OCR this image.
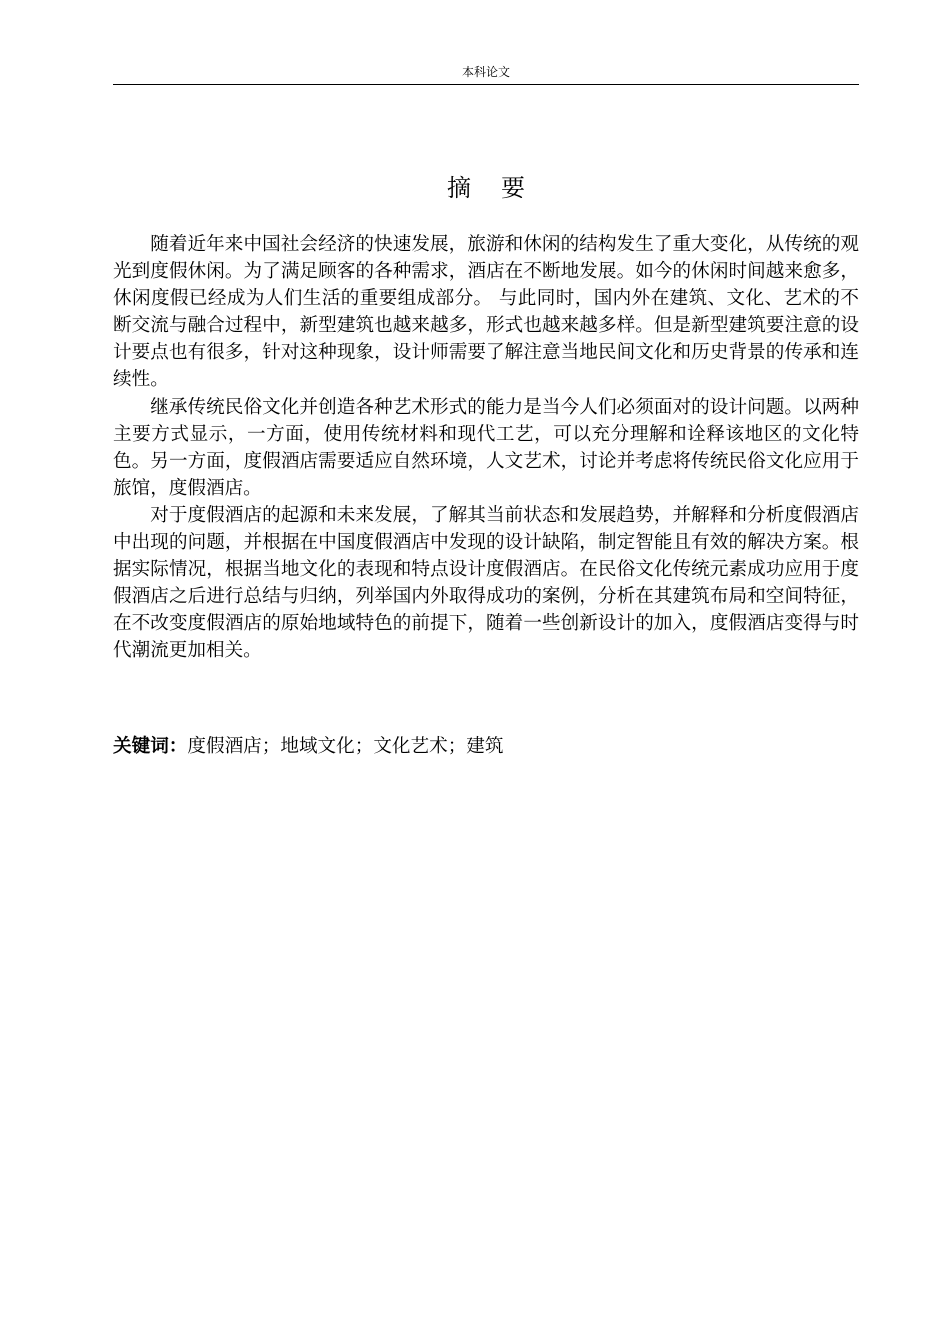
本科论文
摘要

随着近年来中国社会经济的快速发展，旅游和休闲的结构发生了重大变化，从传统的观光到度假休闲。为了满足顾客的各种需求，酒店在不断地发展。如今的休闲时间越来愈多，休闲度假已经成为人们生活的重要组成部分。 与此同时，国内外在建筑、文化、艺术的不断交流与融合过程中，新型建筑也越来越多，形式也越来越多样。但是新型建筑要注意的设计要点也有很多，针对这种现象，设计师需要了解注意当地民间文化和历史背景的传承和连续性。

继承传统民俗文化并创造各种艺术形式的能力是当今人们必须面对的设计问题。以两种主要方式显示，一方面，使用传统材料和现代工艺，可以充分理解和诠释该地区的文化特色。另一方面，度假酒店需要适应自然环境，人文艺术，讨论并考虑将传统民俗文化应用于旅馆，度假酒店。

对于度假酒店的起源和未来发展，了解其当前状态和发展趋势，并解释和分析度假酒店中出现的问题，并根据在中国度假酒店中发现的设计缺陷，制定智能且有效的解决方案。根据实际情况，根据当地文化的表现和特点设计度假酒店。在民俗文化传统元素成功应用于度假酒店之后进行总结与归纳，列举国内外取得成功的案例，分析在其建筑布局和空间特征，在不改变度假酒店的原始地域特色的前提下，随着一些创新设计的加入，度假酒店变得与时代潮流更加相关。

关键词：度假酒店；地域文化；文化艺术；建筑
